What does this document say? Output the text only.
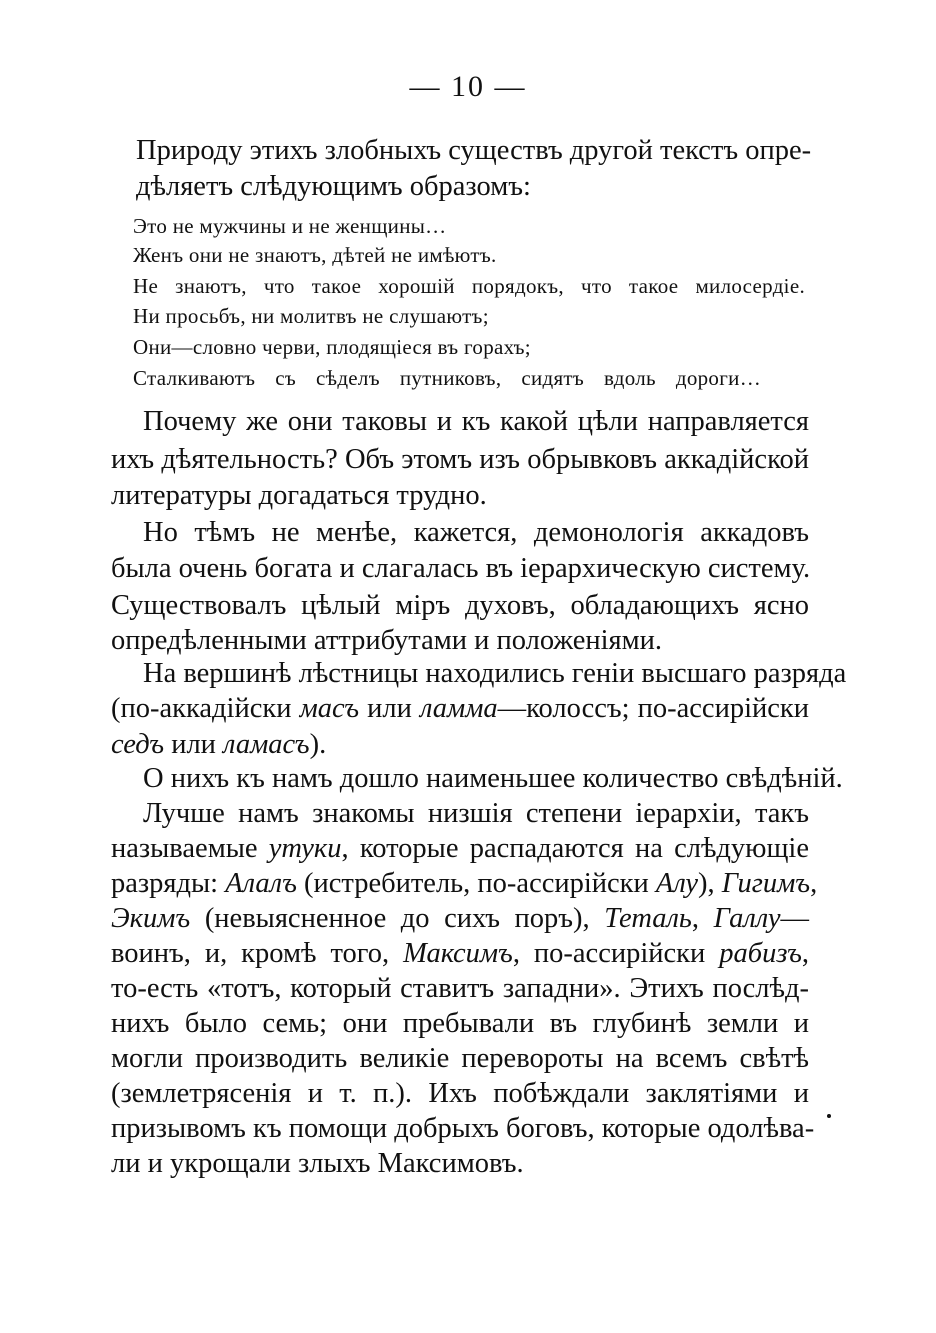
— 10 —
Природу этихъ злобныхъ существъ другой текстъ опре-
дѣляетъ слѣдующимъ образомъ:
Это не мужчины и не женщины…
Женъ они не знаютъ, дѣтей не имѣютъ.
Не знаютъ, что такое хорошій порядокъ, что такое милосердіе.
Ни просьбъ, ни молитвъ не слушаютъ;
Они—словно черви, плодящіеся въ горахъ;
Сталкиваютъ съ сѣделъ путниковъ, сидятъ вдоль дороги…
Почему же они таковы и къ какой цѣли направляется
ихъ дѣятельность? Объ этомъ изъ обрывковъ аккадійской
литературы догадаться трудно.
Но тѣмъ не менѣе, кажется, демонологія аккадовъ
была очень богата и слагалась въ іерархическую систему.
Существовалъ цѣлый міръ духовъ, обладающихъ ясно
опредѣленными аттрибутами и положеніями.
На вершинѣ лѣстницы находились геніи высшаго разряда
(по-аккадійски масъ или ламма—колоссъ; по-ассирійски
седъ или ламасъ).
О нихъ къ намъ дошло наименьшее количество свѣдѣній.
Лучше намъ знакомы низшія степени іерархіи, такъ
называемые утуки, которые распадаются на слѣдующіе
разряды: Алалъ (истребитель, по-ассирійски Алу), Гигимъ,
Экимъ (невыясненное до сихъ поръ), Теталь, Галлу—
воинъ, и, кромѣ того, Максимъ, по-ассирійски рабизъ,
то-есть «тотъ, который ставитъ западни». Этихъ послѣд-
нихъ было семь; они пребывали въ глубинѣ земли и
могли производить великіе перевороты на всемъ свѣтѣ
(землетрясенія и т. п.). Ихъ побѣждали заклятіями и
призывомъ къ помощи добрыхъ боговъ, которые одолѣва-
ли и укрощали злыхъ Максимовъ.
